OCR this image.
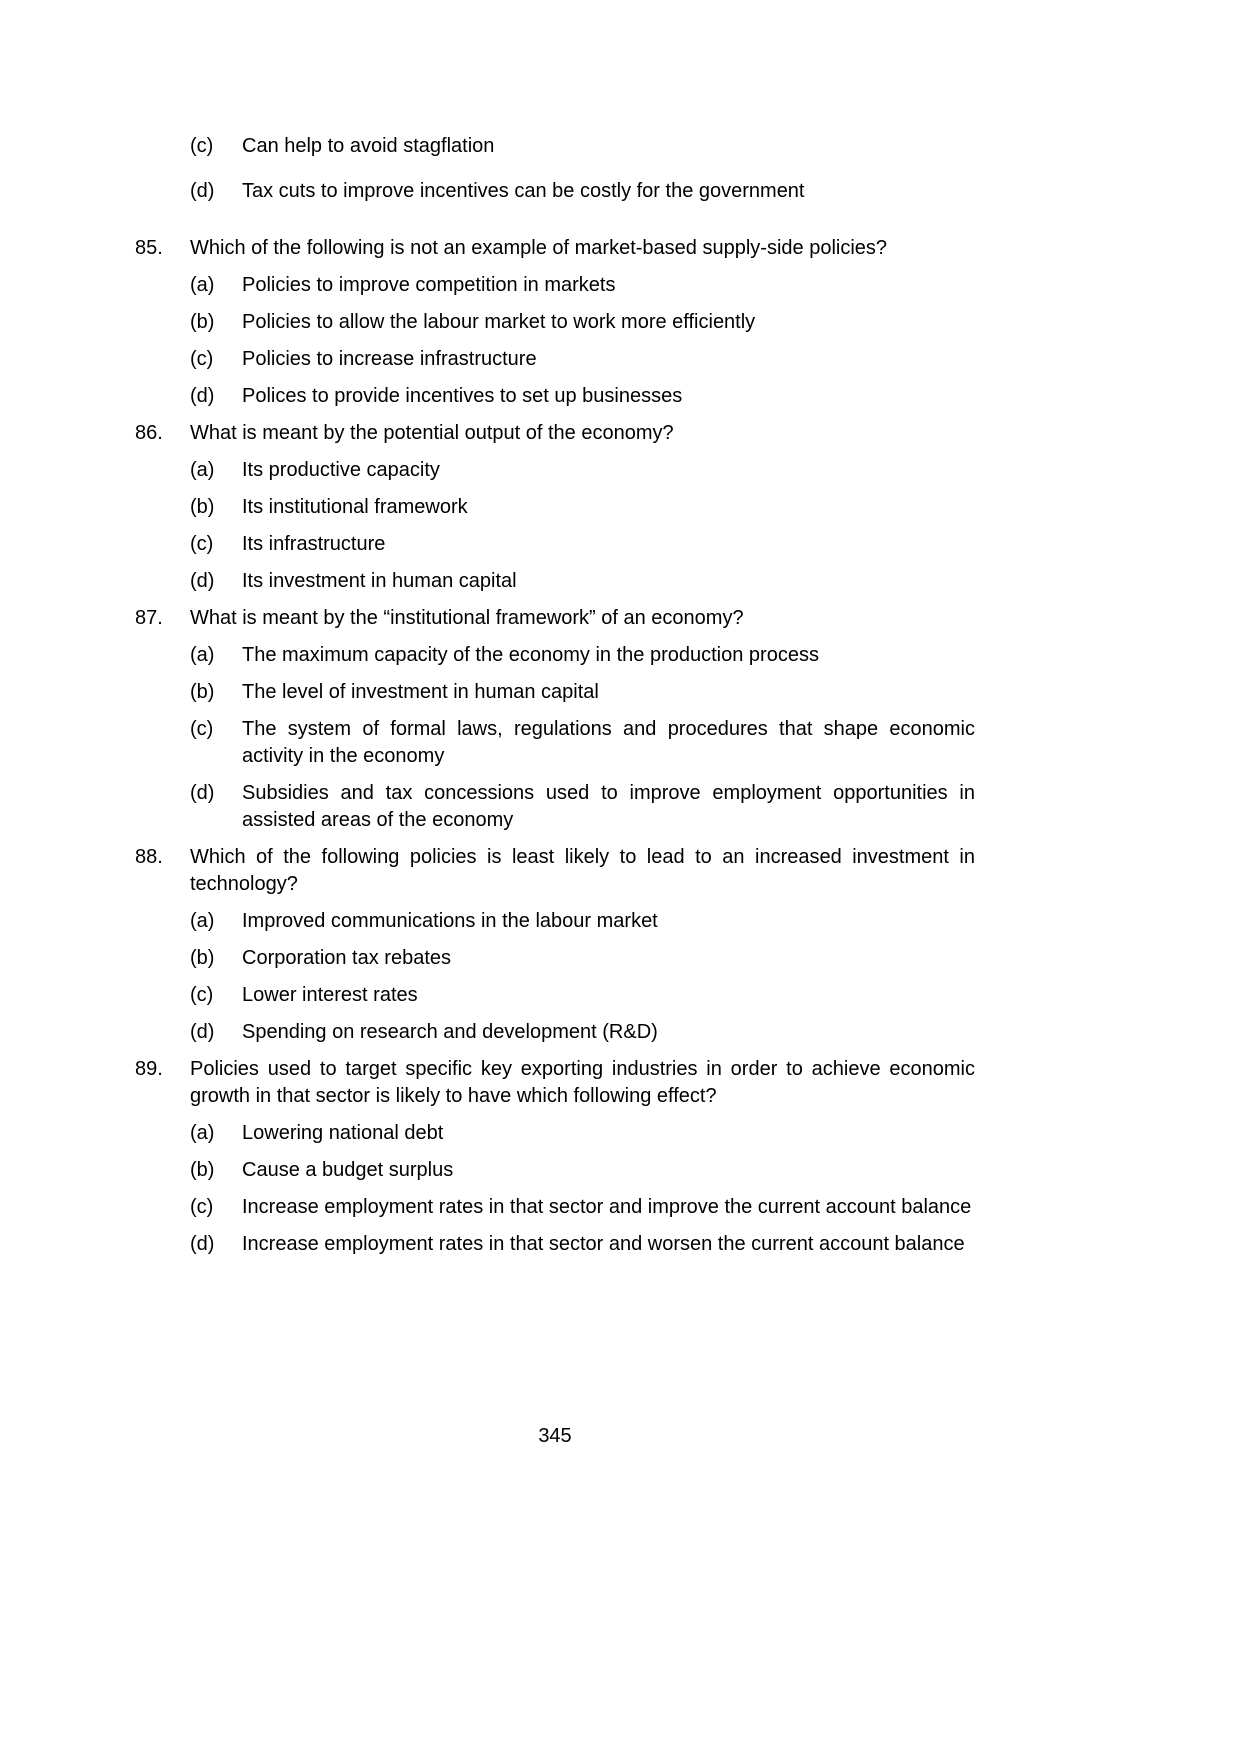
(c)	Can help to avoid stagflation
(d)	Tax cuts to improve incentives can be costly for the government
85.	Which of the following is not an example of market-based supply-side policies?
(a)	Policies to improve competition in markets
(b)	Policies to allow the labour market to work more efficiently
(c)	Policies to increase infrastructure
(d)	Polices to provide incentives to set up businesses
86.	What is meant by the potential output of the economy?
(a)	Its productive capacity
(b)	Its institutional framework
(c)	Its infrastructure
(d)	Its investment in human capital
87.	What is meant by the “institutional framework” of an economy?
(a)	The maximum capacity of the economy in the production process
(b)	The level of investment in human capital
(c)	The system of formal laws, regulations and procedures that shape economic activity in the economy
(d)	Subsidies and tax concessions used to improve employment opportunities in assisted areas of the economy
88.	Which of the following policies is least likely to lead to an increased investment in technology?
(a)	Improved communications in the labour market
(b)	Corporation tax rebates
(c)	Lower interest rates
(d)	Spending on research and development (R&D)
89.	Policies used to target specific key exporting industries in order to achieve economic growth in that sector is likely to have which following effect?
(a)	Lowering national debt
(b)	Cause a budget surplus
(c)	Increase employment rates in that sector and improve the current account balance
(d)	Increase employment rates in that sector and worsen the current account balance
345
